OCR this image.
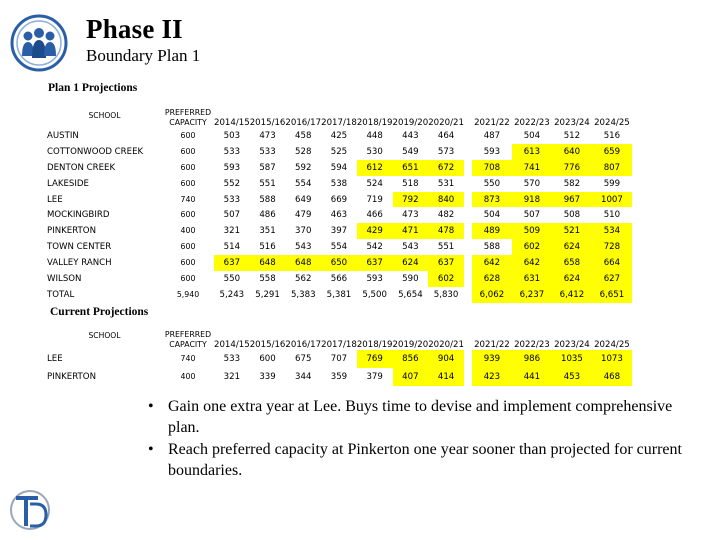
Phase II
Boundary Plan 1
Plan 1 Projections
SCHOOL	PREFERRED
CAPACITY	2014/15	2015/16	2016/17	2017/18	2018/19	2019/20	2020/21		2021/22	2022/23	2023/24	2024/25
AUSTIN	600	503	473	458	425	448	443	464		487	504	512	516
COTTONWOOD CREEK	600	533	533	528	525	530	549	573		593	613	640	659
DENTON CREEK	600	593	587	592	594	612	651	672		708	741	776	807
LAKESIDE	600	552	551	554	538	524	518	531		550	570	582	599
LEE	740	533	588	649	669	719	792	840		873	918	967	1007
MOCKINGBIRD	600	507	486	479	463	466	473	482		504	507	508	510
PINKERTON	400	321	351	370	397	429	471	478		489	509	521	534
TOWN CENTER	600	514	516	543	554	542	543	551		588	602	624	728
VALLEY RANCH	600	637	648	648	650	637	624	637		642	642	658	664
WILSON	600	550	558	562	566	593	590	602		628	631	624	627
TOTAL	5,940	5,243	5,291	5,383	5,381	5,500	5,654	5,830		6,062	6,237	6,412	6,651
Current Projections
SCHOOL	PREFERRED
CAPACITY	2014/15	2015/16	2016/17	2017/18	2018/19	2019/20	2020/21		2021/22	2022/23	2023/24	2024/25
LEE	740	533	600	675	707	769	856	904		939	986	1035	1073
PINKERTON	400	321	339	344	359	379	407	414		423	441	453	468
• Gain one extra year at Lee. Buys time to devise and implement comprehensive plan.
• Reach preferred capacity at Pinkerton one year sooner than projected for current boundaries.
